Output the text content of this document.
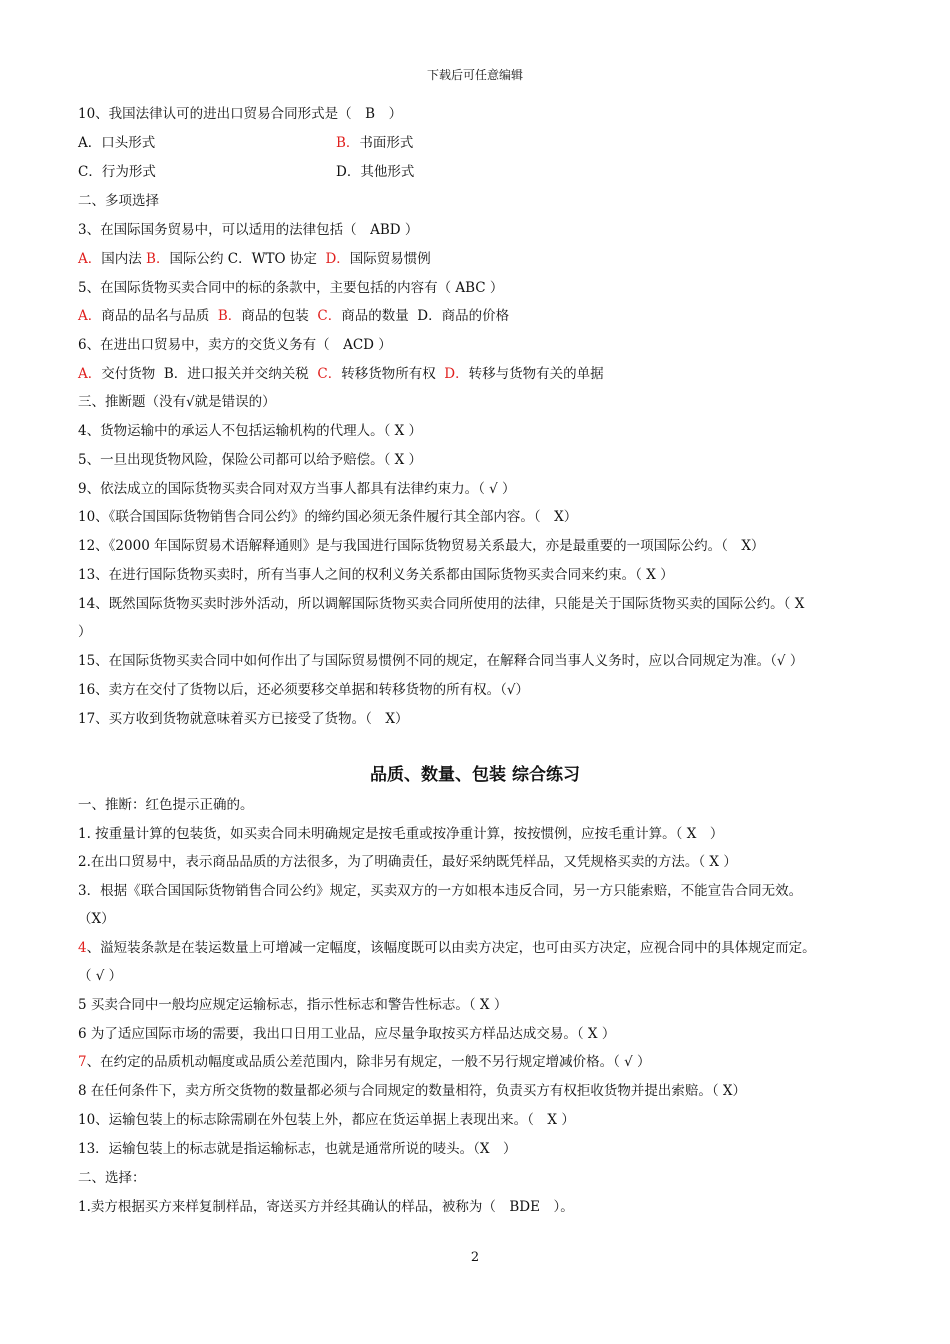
下载后可任意编辑
10、我国法律认可的进出口贸易合同形式是（　B　）
A．口头形式	B．书面形式
C．行为形式	D．其他形式
二、多项选择
3、在国际国务贸易中，可以适用的法律包括（　ABD ）
A．国内法 B．国际公约 C．WTO 协定 D．国际贸易惯例
5、在国际货物买卖合同中的标的条款中，主要包括的内容有（ ABC ）
A．商品的品名与品质 B．商品的包装 C．商品的数量 D．商品的价格
6、在进出口贸易中，卖方的交货义务有（　ACD ）
A．交付货物 B．进口报关并交纳关税 C．转移货物所有权 D．转移与货物有关的单据
三、推断题（没有√就是错误的）
4、货物运输中的承运人不包括运输机构的代理人。（ X ）
5、一旦出现货物风险，保险公司都可以给予赔偿。（ X ）
9、依法成立的国际货物买卖合同对双方当事人都具有法律约束力。（ √ ）
10、《联合国国际货物销售合同公约》的缔约国必须无条件履行其全部内容。（　X）
12、《2000 年国际贸易术语解释通则》是与我国进行国际货物贸易关系最大，亦是最重要的一项国际公约。（　X）
13、在进行国际货物买卖时，所有当事人之间的权利义务关系都由国际货物买卖合同来约束。（ X ）
14、既然国际货物买卖时涉外活动，所以调解国际货物买卖合同所使用的法律，只能是关于国际货物买卖的国际公约。（ X
）
15、在国际货物买卖合同中如何作出了与国际贸易惯例不同的规定，在解释合同当事人义务时，应以合同规定为准。（√ ）
16、卖方在交付了货物以后，还必须要移交单据和转移货物的所有权。（√）
17、买方收到货物就意味着买方已接受了货物。（　X）
品质、数量、包装 综合练习
一、推断：红色提示正确的。
1. 按重量计算的包装货，如买卖合同未明确规定是按毛重或按净重计算，按按惯例，应按毛重计算。（ X　）
2.在出口贸易中，表示商品品质的方法很多，为了明确责任，最好采纳既凭样品，又凭规格买卖的方法。（ X ）
3．根据《联合国国际货物销售合同公约》规定，买卖双方的一方如根本违反合同，另一方只能索赔，不能宣告合同无效。
（X）
4、溢短装条款是在装运数量上可增减一定幅度，该幅度既可以由卖方决定，也可由买方决定，应视合同中的具体规定而定。
（ √ ）
5 买卖合同中一般均应规定运输标志，指示性标志和警告性标志。（ X ）
6 为了适应国际市场的需要，我出口日用工业品，应尽量争取按买方样品达成交易。（ X ）
7、在约定的品质机动幅度或品质公差范围内，除非另有规定，一般不另行规定增减价格。（ √ ）
8 在任何条件下，卖方所交货物的数量都必须与合同规定的数量相符，负责买方有权拒收货物并提出索赔。（ X）
10、运输包装上的标志除需刷在外包装上外，都应在货运单据上表现出来。（　X ）
13．运输包装上的标志就是指运输标志，也就是通常所说的唛头。（X　）
二、选择：
1.卖方根据买方来样复制样品，寄送买方并经其确认的样品，被称为（　BDE　）。
2
